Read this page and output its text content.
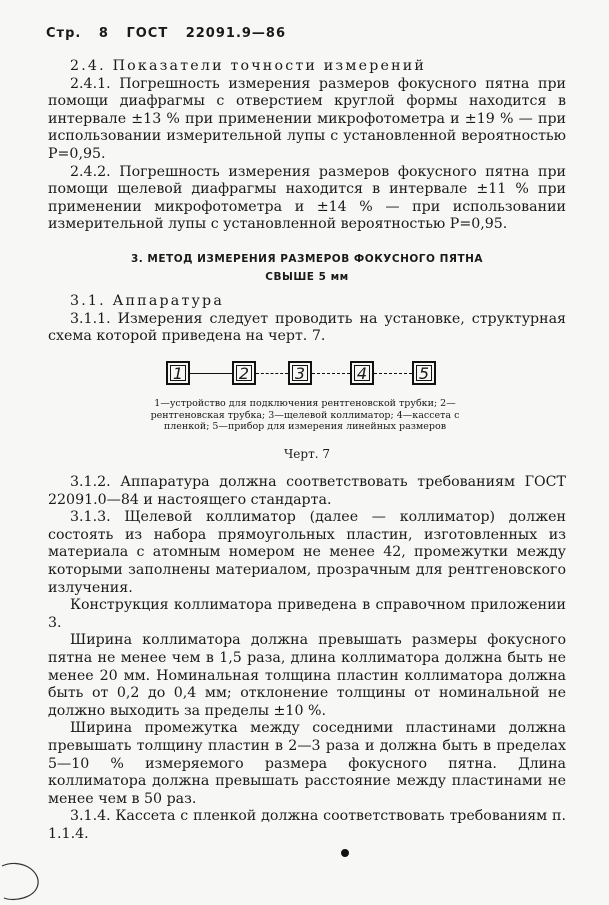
Стр. 8 ГОСТ 22091.9—86

2.4. Показатели точности измерений

2.4.1. Погрешность измерения размеров фокусного пятна при помощи диафрагмы с отверстием круглой формы находится в интервале ±13 % при применении микрофотометра и ±19 % — при использовании измерительной лупы с установленной вероятностью P=0,95.

2.4.2. Погрешность измерения размеров фокусного пятна при помощи щелевой диафрагмы находится в интервале ±11 % при применении микрофотометра и ±14 % — при использовании измерительной лупы с установленной вероятностью P=0,95.

3. МЕТОД ИЗМЕРЕНИЯ РАЗМЕРОВ ФОКУСНОГО ПЯТНА
СВЫШЕ 5 мм

3.1. Аппаратура

3.1.1. Измерения следует проводить на установке, структурная схема которой приведена на черт. 7.

1	2	3	4	5
1—устройство для подключения рентгеновской трубки; 2—рентгеновская трубка; 3—щелевой коллиматор; 4—кассета с пленкой; 5—прибор для измерения линейных размеров
Черт. 7

3.1.2. Аппаратура должна соответствовать требованиям ГОСТ 22091.0—84 и настоящего стандарта.

3.1.3. Щелевой коллиматор (далее — коллиматор) должен состоять из набора прямоугольных пластин, изготовленных из материала с атомным номером не менее 42, промежутки между которыми заполнены материалом, прозрачным для рентгеновского излучения.

Конструкция коллиматора приведена в справочном приложении 3.

Ширина коллиматора должна превышать размеры фокусного пятна не менее чем в 1,5 раза, длина коллиматора должна быть не менее 20 мм. Номинальная толщина пластин коллиматора должна быть от 0,2 до 0,4 мм; отклонение толщины от номинальной не должно выходить за пределы ±10 %.

Ширина промежутка между соседними пластинами должна превышать толщину пластин в 2—3 раза и должна быть в пределах 5—10 % измеряемого размера фокусного пятна. Длина коллиматора должна превышать расстояние между пластинами не менее чем в 50 раз.

3.1.4. Кассета с пленкой должна соответствовать требованиям п. 1.1.4.
